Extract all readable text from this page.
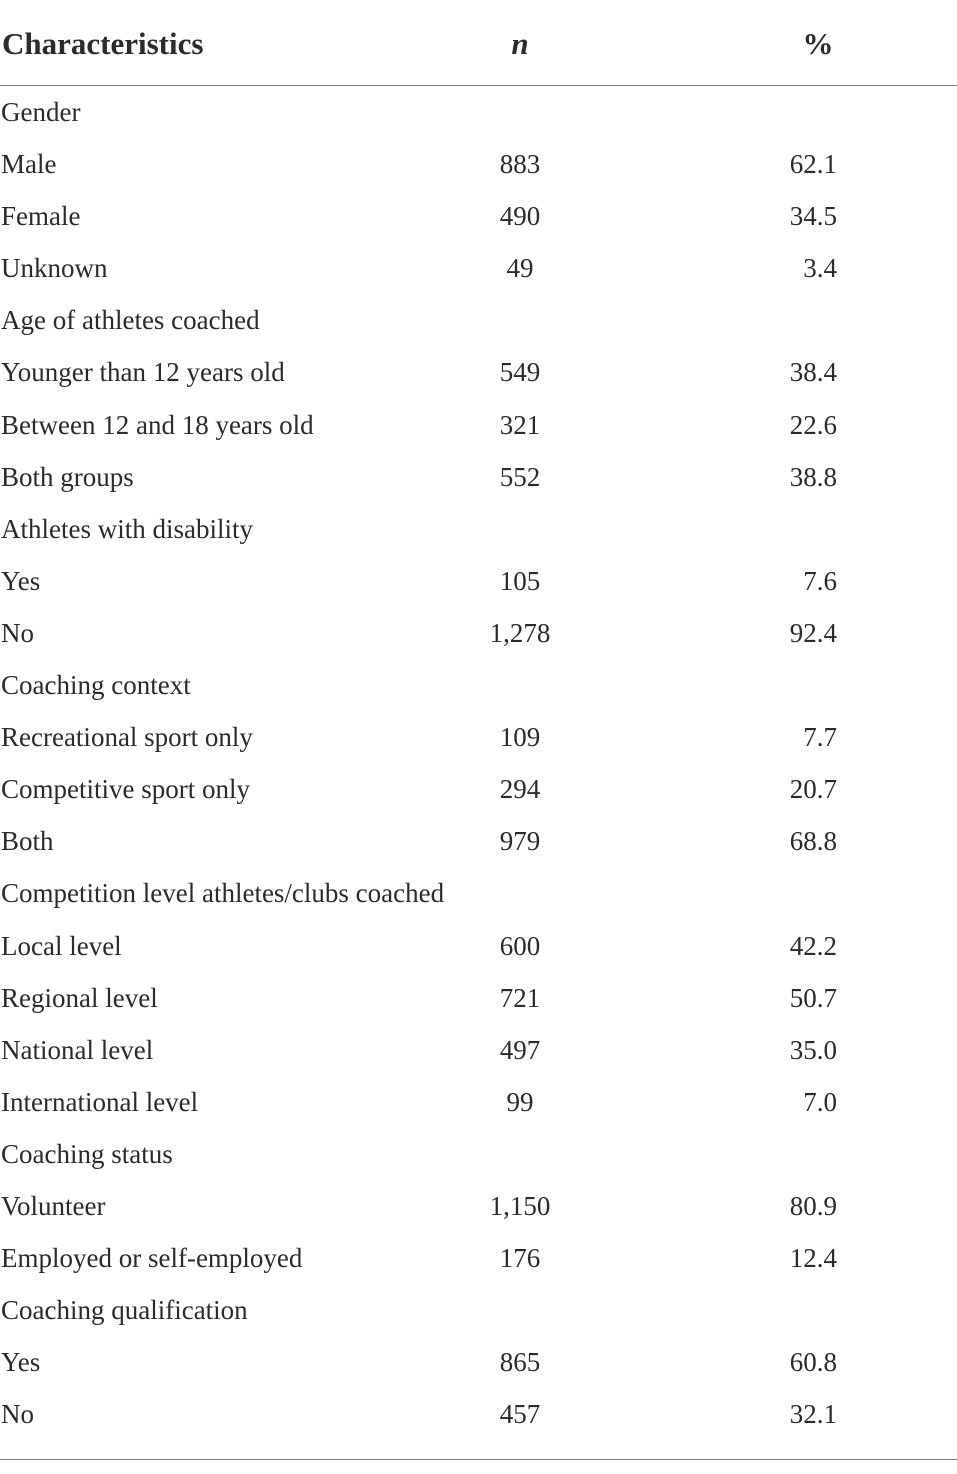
Characteristics	n	%
Gender
Male	883	62.1
Female	490	34.5
Unknown	49	3.4
Age of athletes coached
Younger than 12 years old	549	38.4
Between 12 and 18 years old	321	22.6
Both groups	552	38.8
Athletes with disability
Yes	105	7.6
No	1,278	92.4
Coaching context
Recreational sport only	109	7.7
Competitive sport only	294	20.7
Both	979	68.8
Competition level athletes/clubs coached
Local level	600	42.2
Regional level	721	50.7
National level	497	35.0
International level	99	7.0
Coaching status
Volunteer	1,150	80.9
Employed or self-employed	176	12.4
Coaching qualification
Yes	865	60.8
No	457	32.1
